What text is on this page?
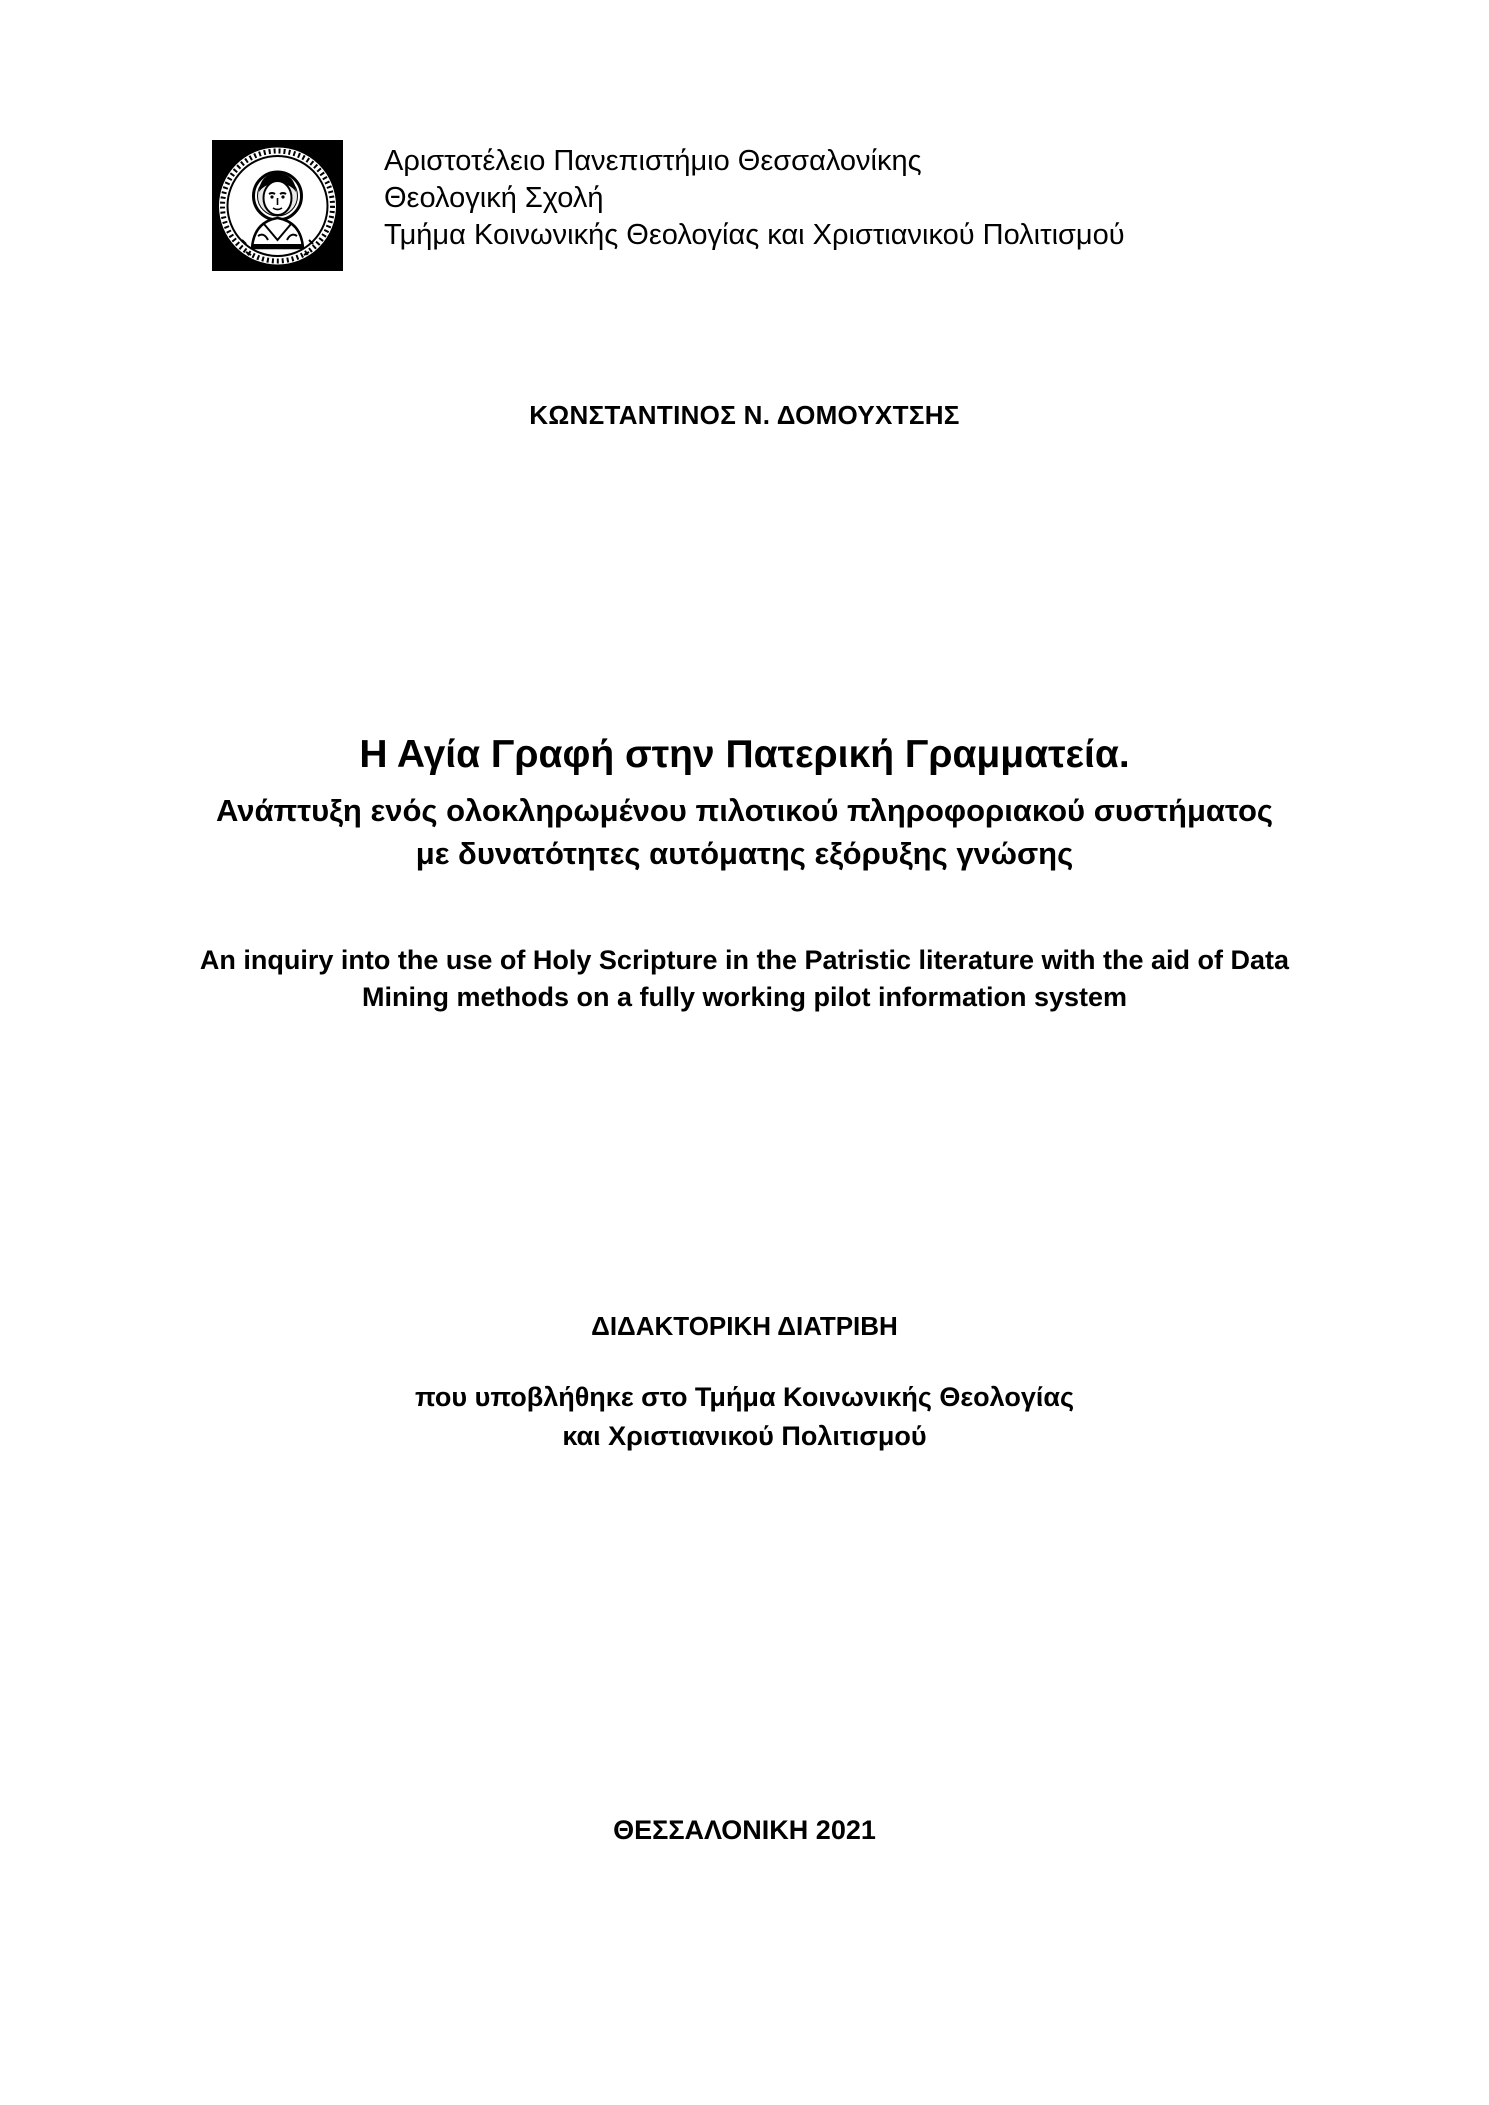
Αριστοτέλειο Πανεπιστήμιο Θεσσαλονίκης
Θεολογική Σχολή
Τμήμα Κοινωνικής Θεολογίας και Χριστιανικού Πολιτισμού
ΚΩΝΣΤΑΝΤΙΝΟΣ Ν. ΔΟΜΟΥΧΤΣΗΣ
Η Αγία Γραφή στην Πατερική Γραμματεία.
Ανάπτυξη ενός ολοκληρωμένου πιλοτικού πληροφοριακού συστήματος
με δυνατότητες αυτόματης εξόρυξης γνώσης
An inquiry into the use of Holy Scripture in the Patristic literature with the aid of Data
Mining methods on a fully working pilot information system
ΔΙΔΑΚΤΟΡΙΚΗ ΔΙΑΤΡΙΒΗ
που υποβλήθηκε στο Τμήμα Κοινωνικής Θεολογίας
και Χριστιανικού Πολιτισμού
ΘΕΣΣΑΛΟΝΙΚΗ 2021
